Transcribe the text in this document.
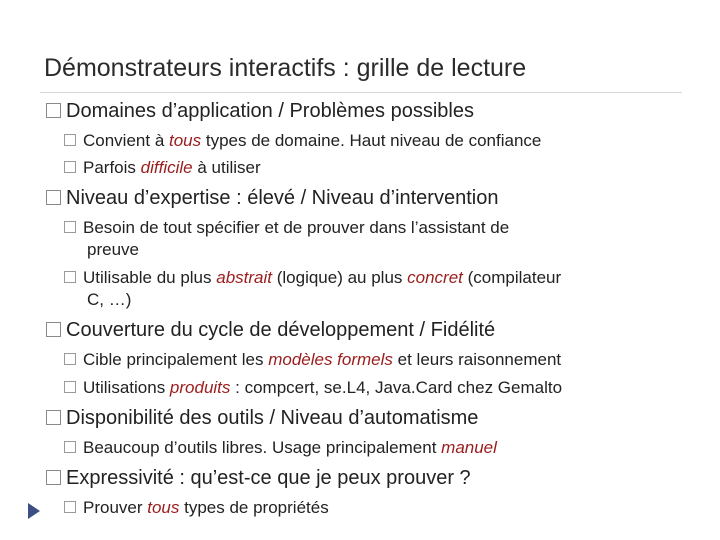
Démonstrateurs interactifs : grille de lecture
Domaines d’application / Problèmes possibles
Convient à tous types de domaine. Haut niveau de confiance
Parfois difficile à utiliser
Niveau d’expertise : élevé / Niveau d’intervention
Besoin de tout spécifier et de prouver dans l’assistant de
preuve
Utilisable du plus abstrait (logique) au plus concret (compilateur
C, …)
Couverture du cycle de développement / Fidélité
Cible principalement les modèles formels et leurs raisonnement
Utilisations produits : compcert, se.L4, Java.Card chez Gemalto
Disponibilité des outils / Niveau d’automatisme
Beaucoup d’outils libres. Usage principalement manuel
Expressivité : qu’est-ce que je peux prouver ?
Prouver tous types de propriétés
